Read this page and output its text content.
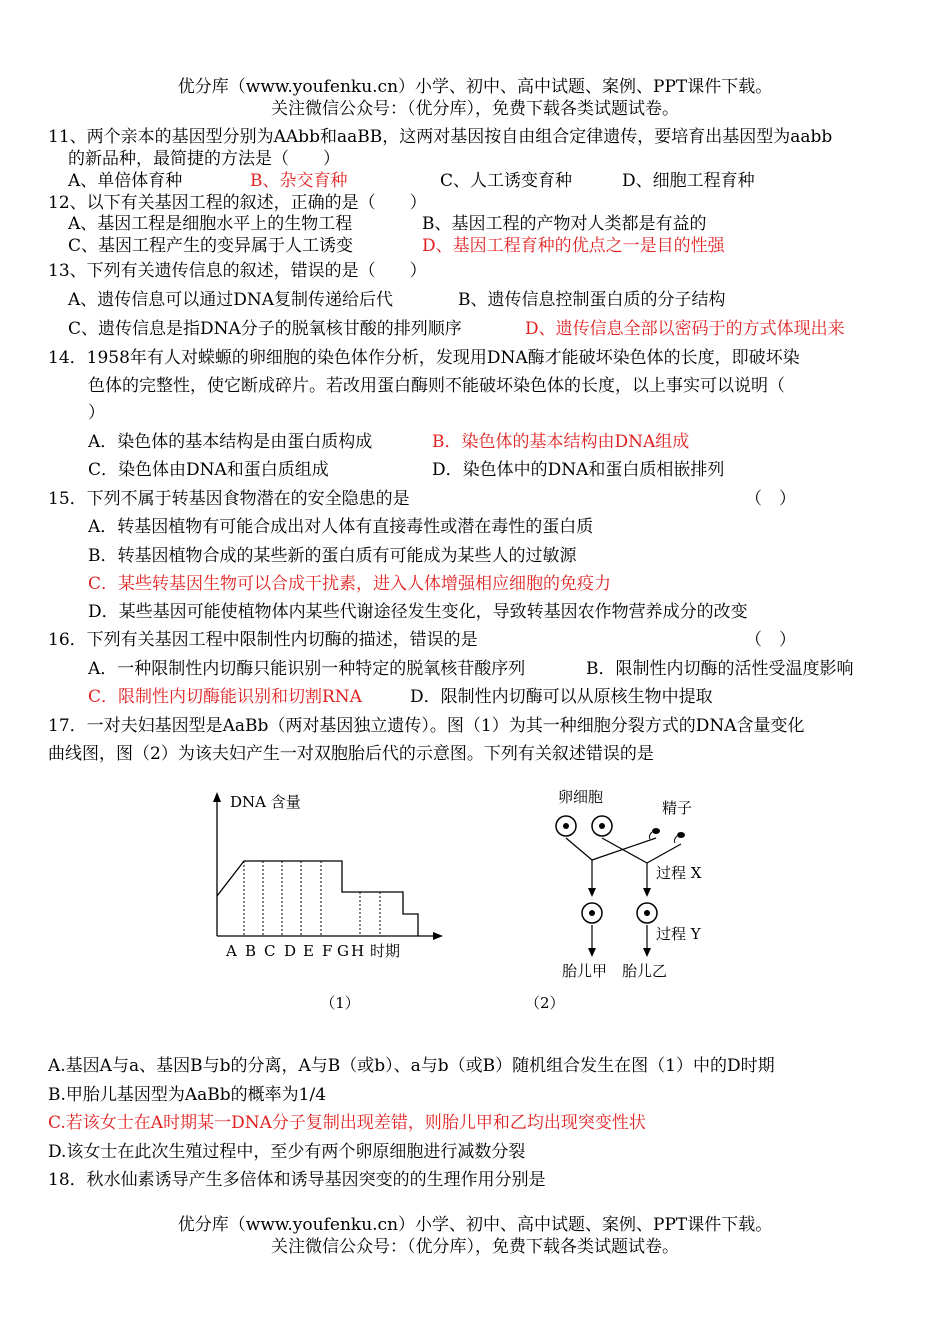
优分库（www.youfenku.cn）小学、初中、高中试题、案例、PPT课件下载。
关注微信公众号：（优分库），免费下载各类试题试卷。
11、两个亲本的基因型分别为AAbb和aaBB，这两对基因按自由组合定律遗传，要培育出基因型为aabb
的新品种，最简捷的方法是（　　）
A、单倍体育种	B、杂交育种	C、人工诱变育种	D、细胞工程育种
12、以下有关基因工程的叙述，正确的是（　　）
A、基因工程是细胞水平上的生物工程	B、基因工程的产物对人类都是有益的
C、基因工程产生的变异属于人工诱变	D、基因工程育种的优点之一是目的性强
13、下列有关遗传信息的叙述，错误的是（　　）
A、遗传信息可以通过DNA复制传递给后代	B、遗传信息控制蛋白质的分子结构
C、遗传信息是指DNA分子的脱氧核甘酸的排列顺序	D、遗传信息全部以密码于的方式体现出来
14．1958年有人对蝾螈的卵细胞的染色体作分析，发现用DNA酶才能破坏染色体的长度，即破坏染
色体的完整性，使它断成碎片。若改用蛋白酶则不能破坏染色体的长度，以上事实可以说明（
）
A．染色体的基本结构是由蛋白质构成	B．染色体的基本结构由DNA组成
C．染色体由DNA和蛋白质组成	D．染色体中的DNA和蛋白质相嵌排列
15．下列不属于转基因食物潜在的安全隐患的是	（　）
A．转基因植物有可能合成出对人体有直接毒性或潜在毒性的蛋白质
B．转基因植物合成的某些新的蛋白质有可能成为某些人的过敏源
C．某些转基因生物可以合成干扰素，进入人体增强相应细胞的免疫力
D．某些基因可能使植物体内某些代谢途径发生变化，导致转基因农作物营养成分的改变
16．下列有关基因工程中限制性内切酶的描述，错误的是	（　）
A．一种限制性内切酶只能识别一种特定的脱氧核苷酸序列	B．限制性内切酶的活性受温度影响
C．限制性内切酶能识别和切割RNA	D．限制性内切酶可以从原核生物中提取
17．一对夫妇基因型是AaBb（两对基因独立遗传）。图（1）为其一种细胞分裂方式的DNA含量变化
曲线图，图（2）为该夫妇产生一对双胞胎后代的示意图。下列有关叙述错误的是
DNA 含量
A B C D E F G H 时期
（1）
卵细胞
精子
过程 X
过程 Y
胎儿甲 胎儿乙
（2）
A.基因A与a、基因B与b的分离，A与B（或b）、a与b（或B）随机组合发生在图（1）中的D时期
B.甲胎儿基因型为AaBb的概率为1/4
C.若该女士在A时期某一DNA分子复制出现差错，则胎儿甲和乙均出现突变性状
D.该女士在此次生殖过程中，至少有两个卵原细胞进行减数分裂
18．秋水仙素诱导产生多倍体和诱导基因突变的的生理作用分别是
优分库（www.youfenku.cn）小学、初中、高中试题、案例、PPT课件下载。
关注微信公众号：（优分库），免费下载各类试题试卷。
